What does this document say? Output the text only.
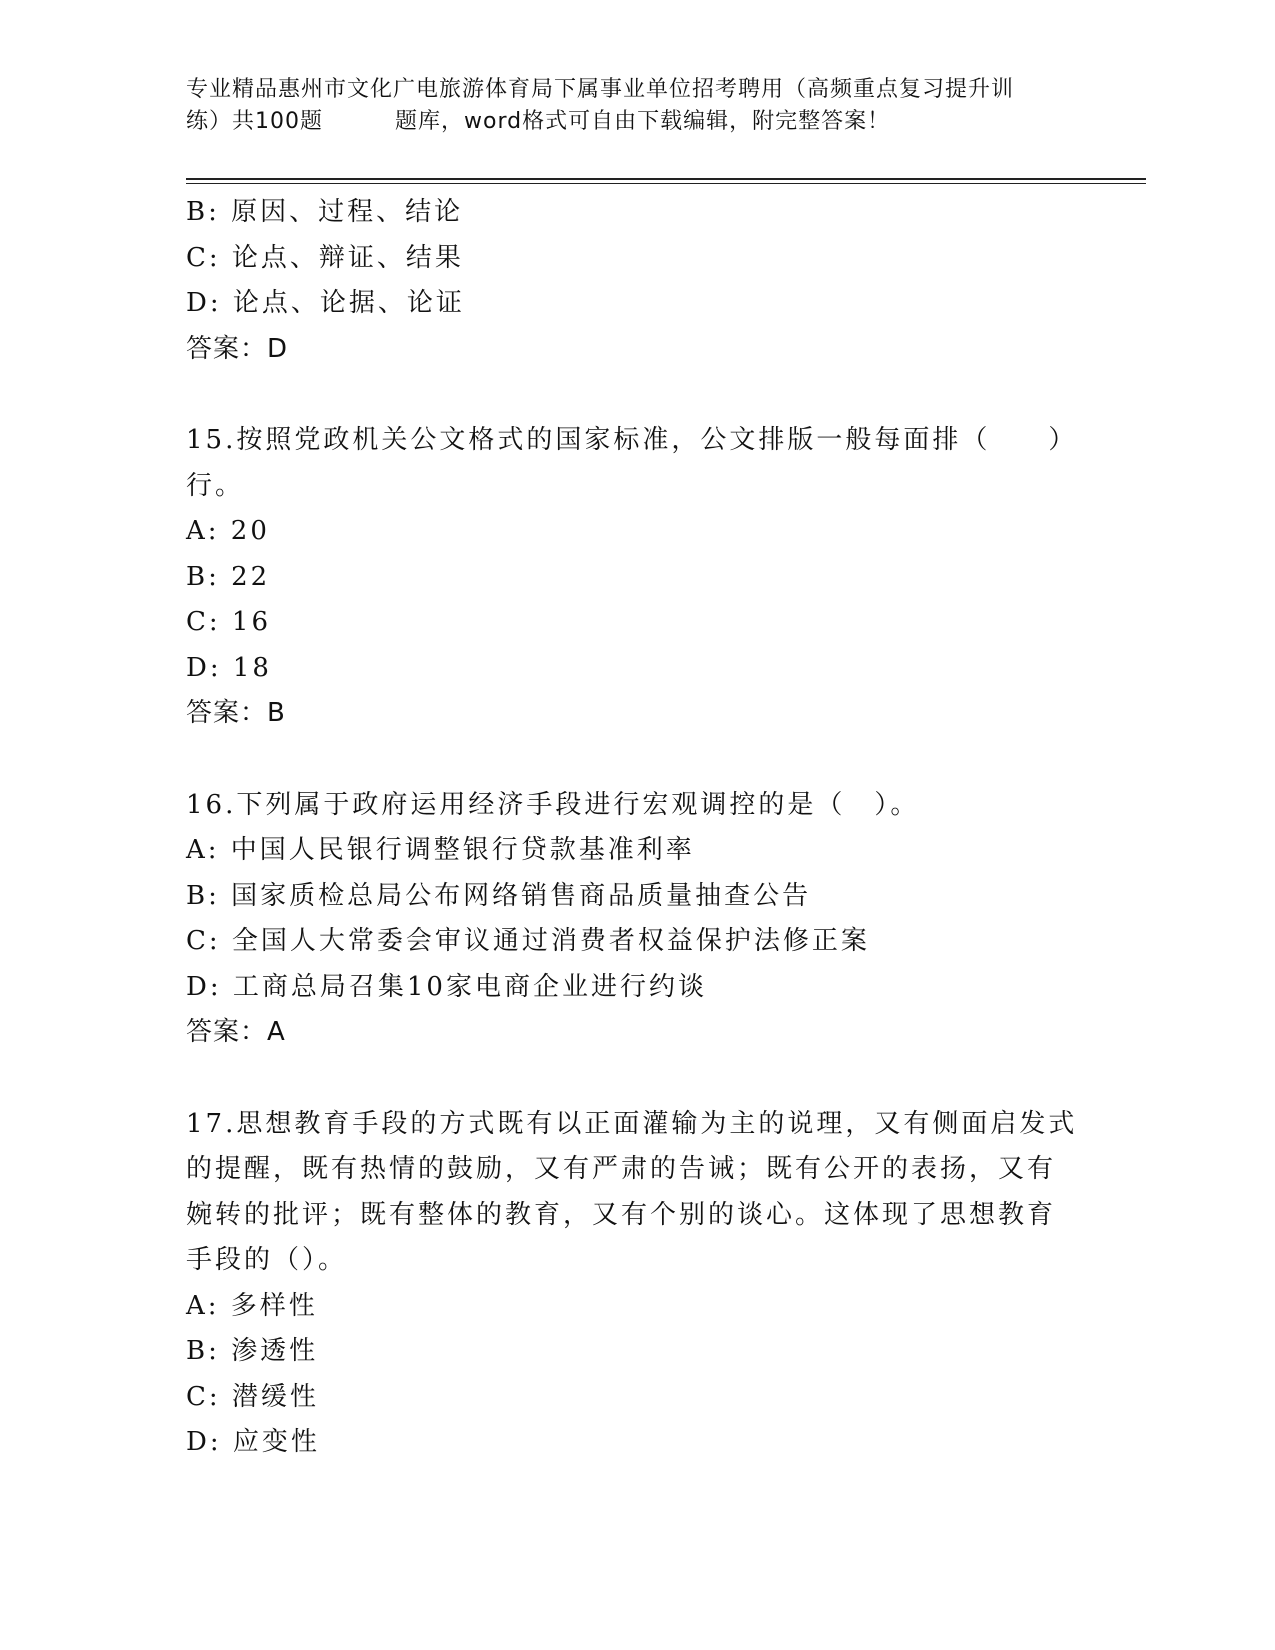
专业精品惠州市文化广电旅游体育局下属事业单位招考聘用（高频重点复习提升训
练）共100题	题库，word格式可自由下载编辑，附完整答案！
B: 原因、过程、结论
C: 论点、辩证、结果
D: 论点、论据、论证
答案：D
15.按照党政机关公文格式的国家标准，公文排版一般每面排（　　）
行。
A: 20
B: 22
C: 16
D: 18
答案：B
16.下列属于政府运用经济手段进行宏观调控的是（　）。
A: 中国人民银行调整银行贷款基准利率
B: 国家质检总局公布网络销售商品质量抽查公告
C: 全国人大常委会审议通过消费者权益保护法修正案
D: 工商总局召集10家电商企业进行约谈
答案：A
17.思想教育手段的方式既有以正面灌输为主的说理，又有侧面启发式
的提醒，既有热情的鼓励，又有严肃的告诫；既有公开的表扬，又有
婉转的批评；既有整体的教育，又有个别的谈心。这体现了思想教育
手段的（）。
A: 多样性
B: 渗透性
C: 潜缓性
D: 应变性
